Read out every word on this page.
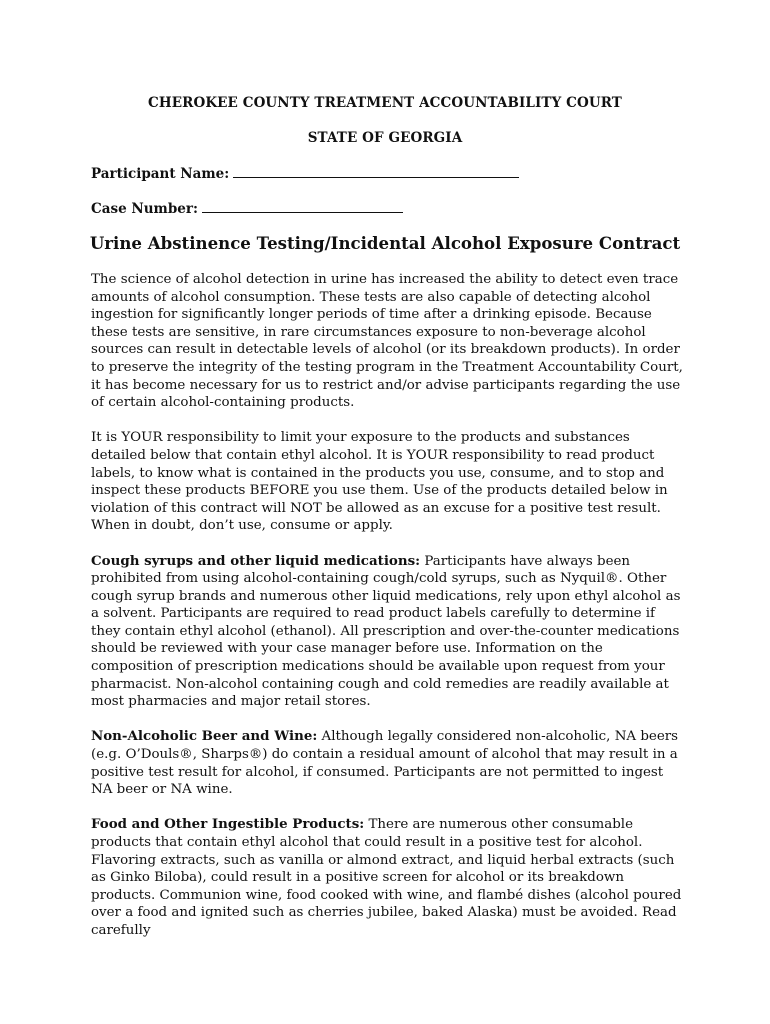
CHEROKEE COUNTY TREATMENT ACCOUNTABILITY COURT
STATE OF GEORGIA
Participant Name:
Case Number:
Urine Abstinence Testing/Incidental Alcohol Exposure Contract

The science of alcohol detection in urine has increased the ability to detect even trace amounts of alcohol consumption. These tests are also capable of detecting alcohol ingestion for significantly longer periods of time after a drinking episode. Because these tests are sensitive, in rare circumstances exposure to non-beverage alcohol sources can result in detectable levels of alcohol (or its breakdown products). In order to preserve the integrity of the testing program in the Treatment Accountability Court, it has become necessary for us to restrict and/or advise participants regarding the use of certain alcohol-containing products.

It is YOUR responsibility to limit your exposure to the products and substances detailed below that contain ethyl alcohol. It is YOUR responsibility to read product labels, to know what is contained in the products you use, consume, and to stop and inspect these products BEFORE you use them. Use of the products detailed below in violation of this contract will NOT be allowed as an excuse for a positive test result. When in doubt, don’t use, consume or apply.

Cough syrups and other liquid medications: Participants have always been prohibited from using alcohol-containing cough/cold syrups, such as Nyquil®. Other cough syrup brands and numerous other liquid medications, rely upon ethyl alcohol as a solvent. Participants are required to read product labels carefully to determine if they contain ethyl alcohol (ethanol). All prescription and over-the-counter medications should be reviewed with your case manager before use. Information on the composition of prescription medications should be available upon request from your pharmacist. Non-alcohol containing cough and cold remedies are readily available at most pharmacies and major retail stores.

Non-Alcoholic Beer and Wine: Although legally considered non-alcoholic, NA beers (e.g. O’Douls®, Sharps®) do contain a residual amount of alcohol that may result in a positive test result for alcohol, if consumed. Participants are not permitted to ingest NA beer or NA wine.

Food and Other Ingestible Products: There are numerous other consumable products that contain ethyl alcohol that could result in a positive test for alcohol. Flavoring extracts, such as vanilla or almond extract, and liquid herbal extracts (such as Ginko Biloba), could result in a positive screen for alcohol or its breakdown products. Communion wine, food cooked with wine, and flambé dishes (alcohol poured over a food and ignited such as cherries jubilee, baked Alaska) must be avoided. Read carefully
